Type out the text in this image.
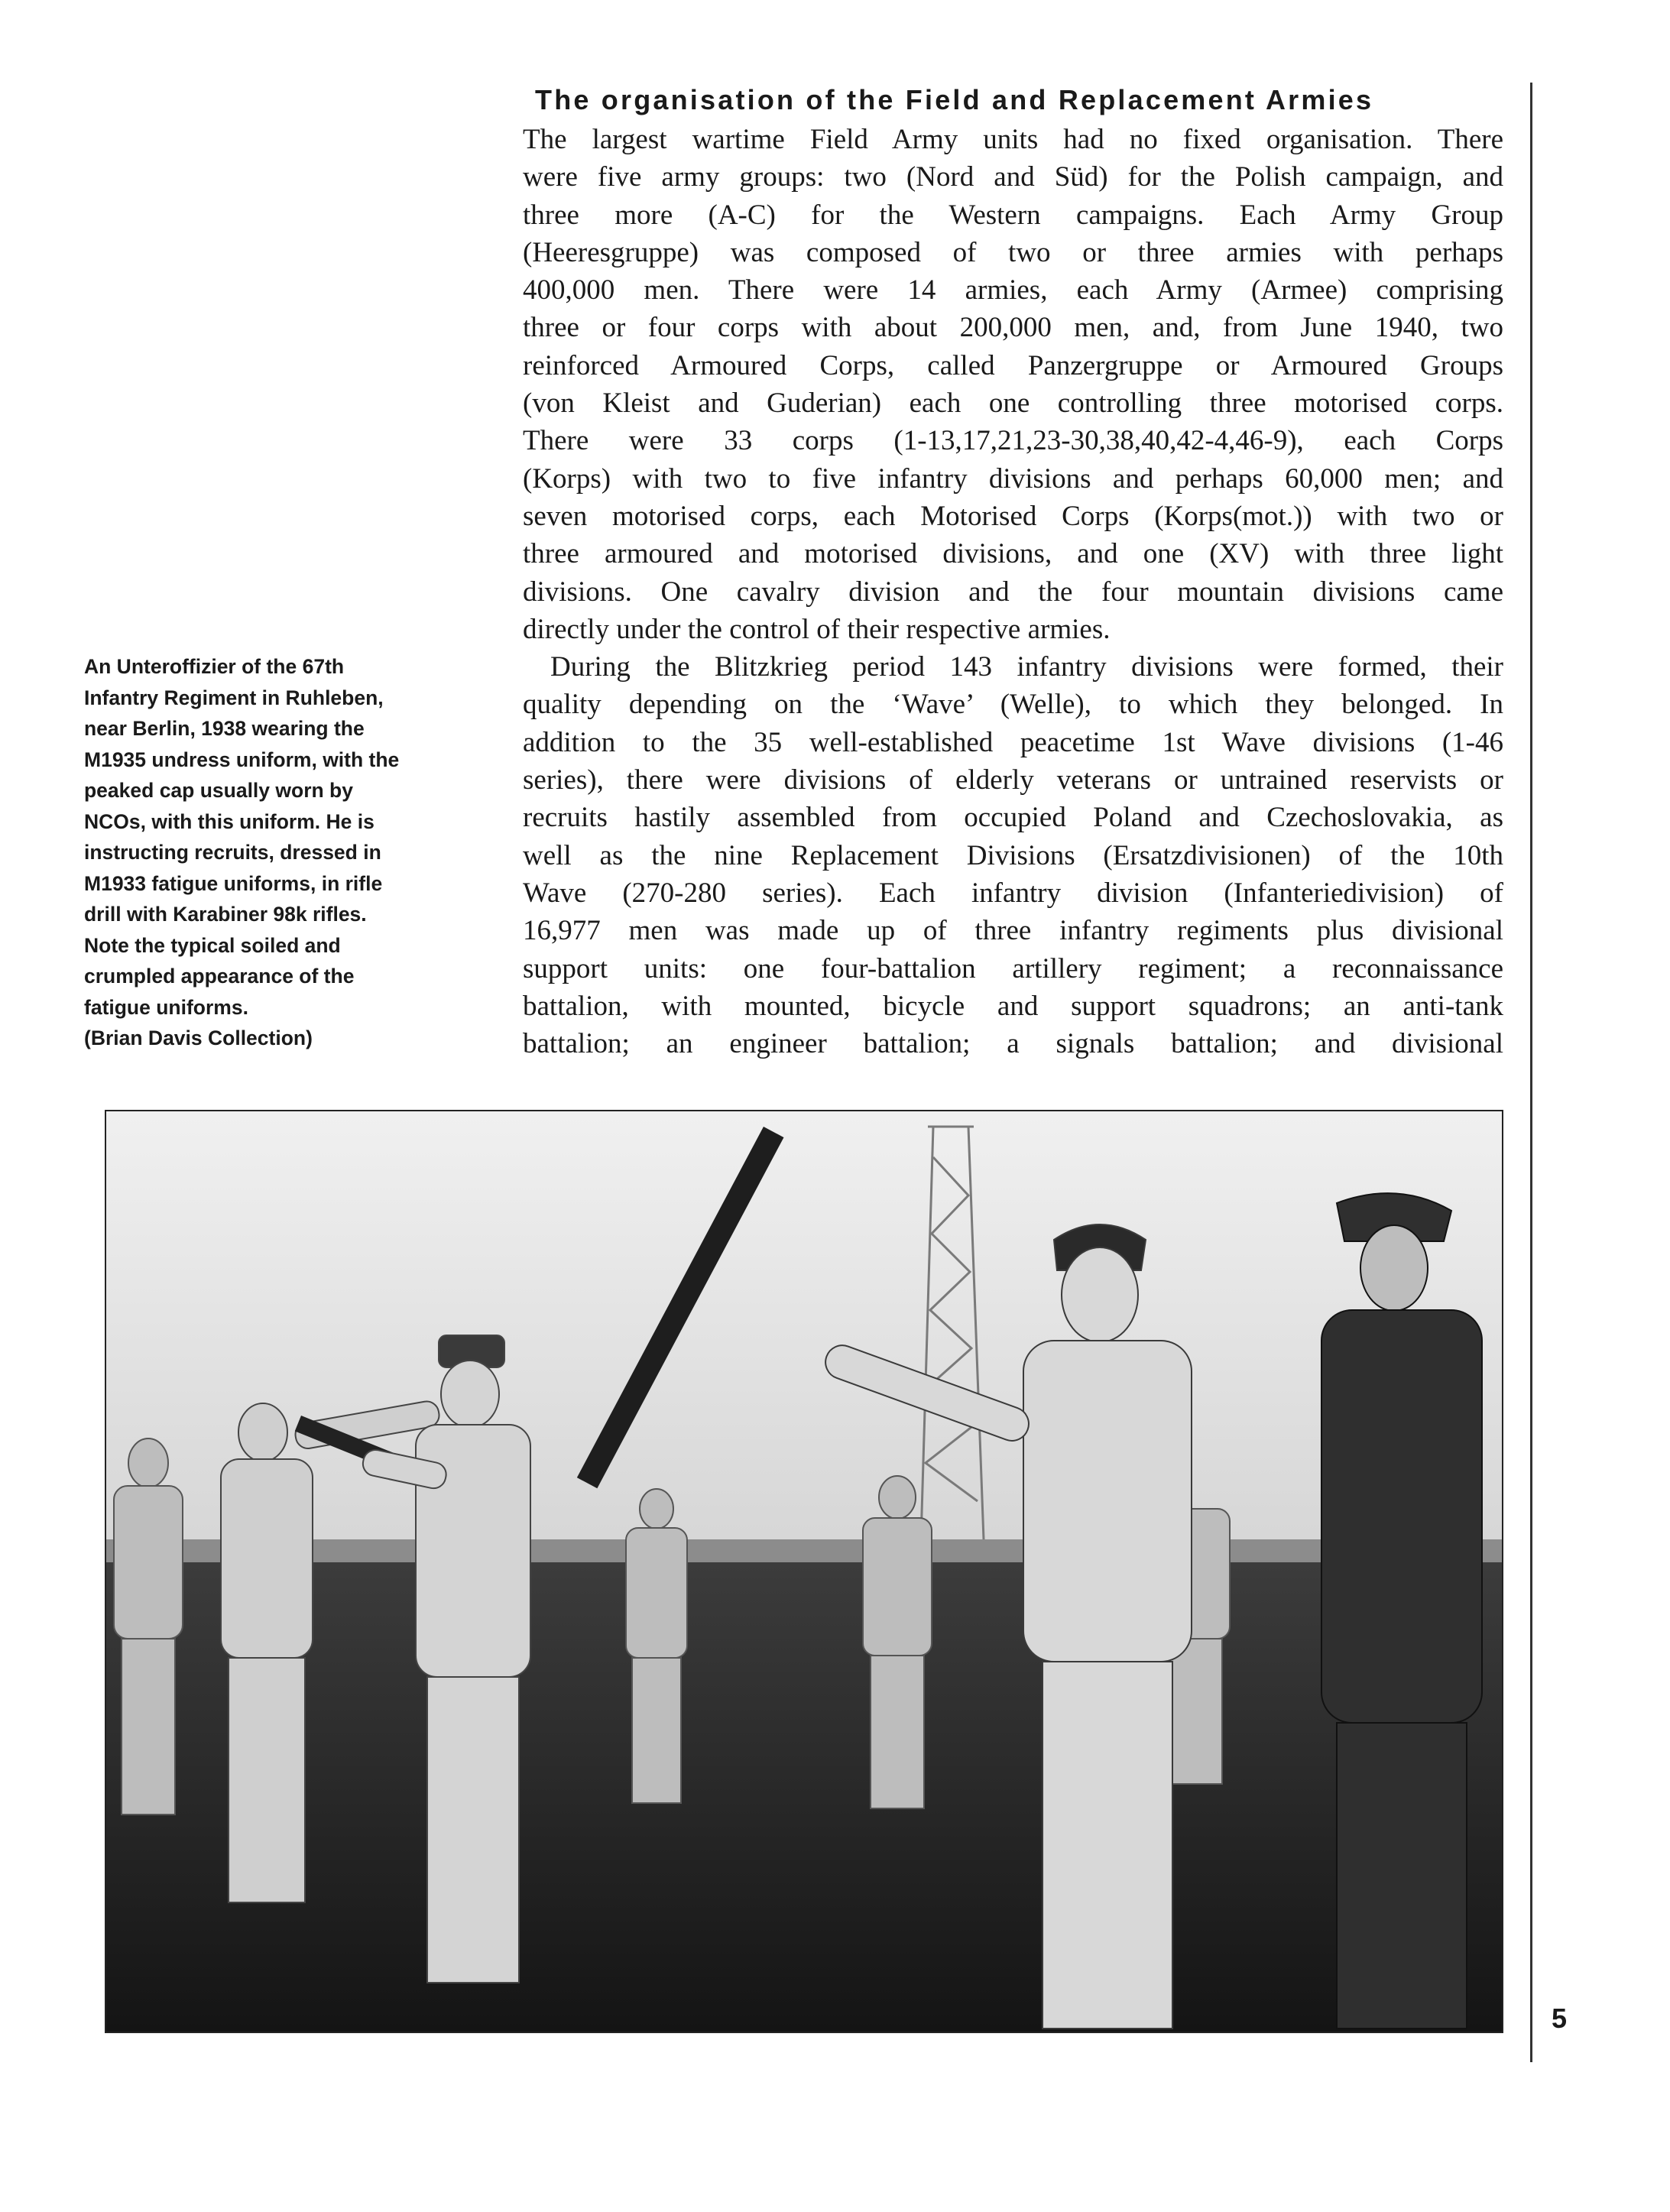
An Unteroffizier of the 67th
Infantry Regiment in Ruhleben,
near Berlin, 1938 wearing the
M1935 undress uniform, with the
peaked cap usually worn by
NCOs, with this uniform. He is
instructing recruits, dressed in
M1933 fatigue uniforms, in rifle
drill with Karabiner 98k rifles.
Note the typical soiled and
crumpled appearance of the
fatigue uniforms.
(Brian Davis Collection)
The organisation of the Field and Replacement Armies
The largest wartime Field Army units had no fixed organisation. There
were five army groups: two (Nord and Süd) for the Polish campaign, and
three more (A-C) for the Western campaigns. Each Army Group
(Heeresgruppe) was composed of two or three armies with perhaps
400,000 men. There were 14 armies, each Army (Armee) comprising
three or four corps with about 200,000 men, and, from June 1940, two
reinforced Armoured Corps, called Panzergruppe or Armoured Groups
(von Kleist and Guderian) each one controlling three motorised corps.
There were 33 corps (1-13,17,21,23-30,38,40,42-4,46-9), each Corps
(Korps) with two to five infantry divisions and perhaps 60,000 men; and
seven motorised corps, each Motorised Corps (Korps(mot.)) with two or
three armoured and motorised divisions, and one (XV) with three light
divisions. One cavalry division and the four mountain divisions came
directly under the control of their respective armies.
During the Blitzkrieg period 143 infantry divisions were formed, their
quality depending on the ‘Wave’ (Welle), to which they belonged. In
addition to the 35 well-established peacetime 1st Wave divisions (1-46
series), there were divisions of elderly veterans or untrained reservists or
recruits hastily assembled from occupied Poland and Czechoslovakia, as
well as the nine Replacement Divisions (Ersatzdivisionen) of the 10th
Wave (270-280 series). Each infantry division (Infanteriedivision) of
16,977 men was made up of three infantry regiments plus divisional
support units: one four-battalion artillery regiment; a reconnaissance
battalion, with mounted, bicycle and support squadrons; an anti-tank
battalion; an engineer battalion; a signals battalion; and divisional
5
